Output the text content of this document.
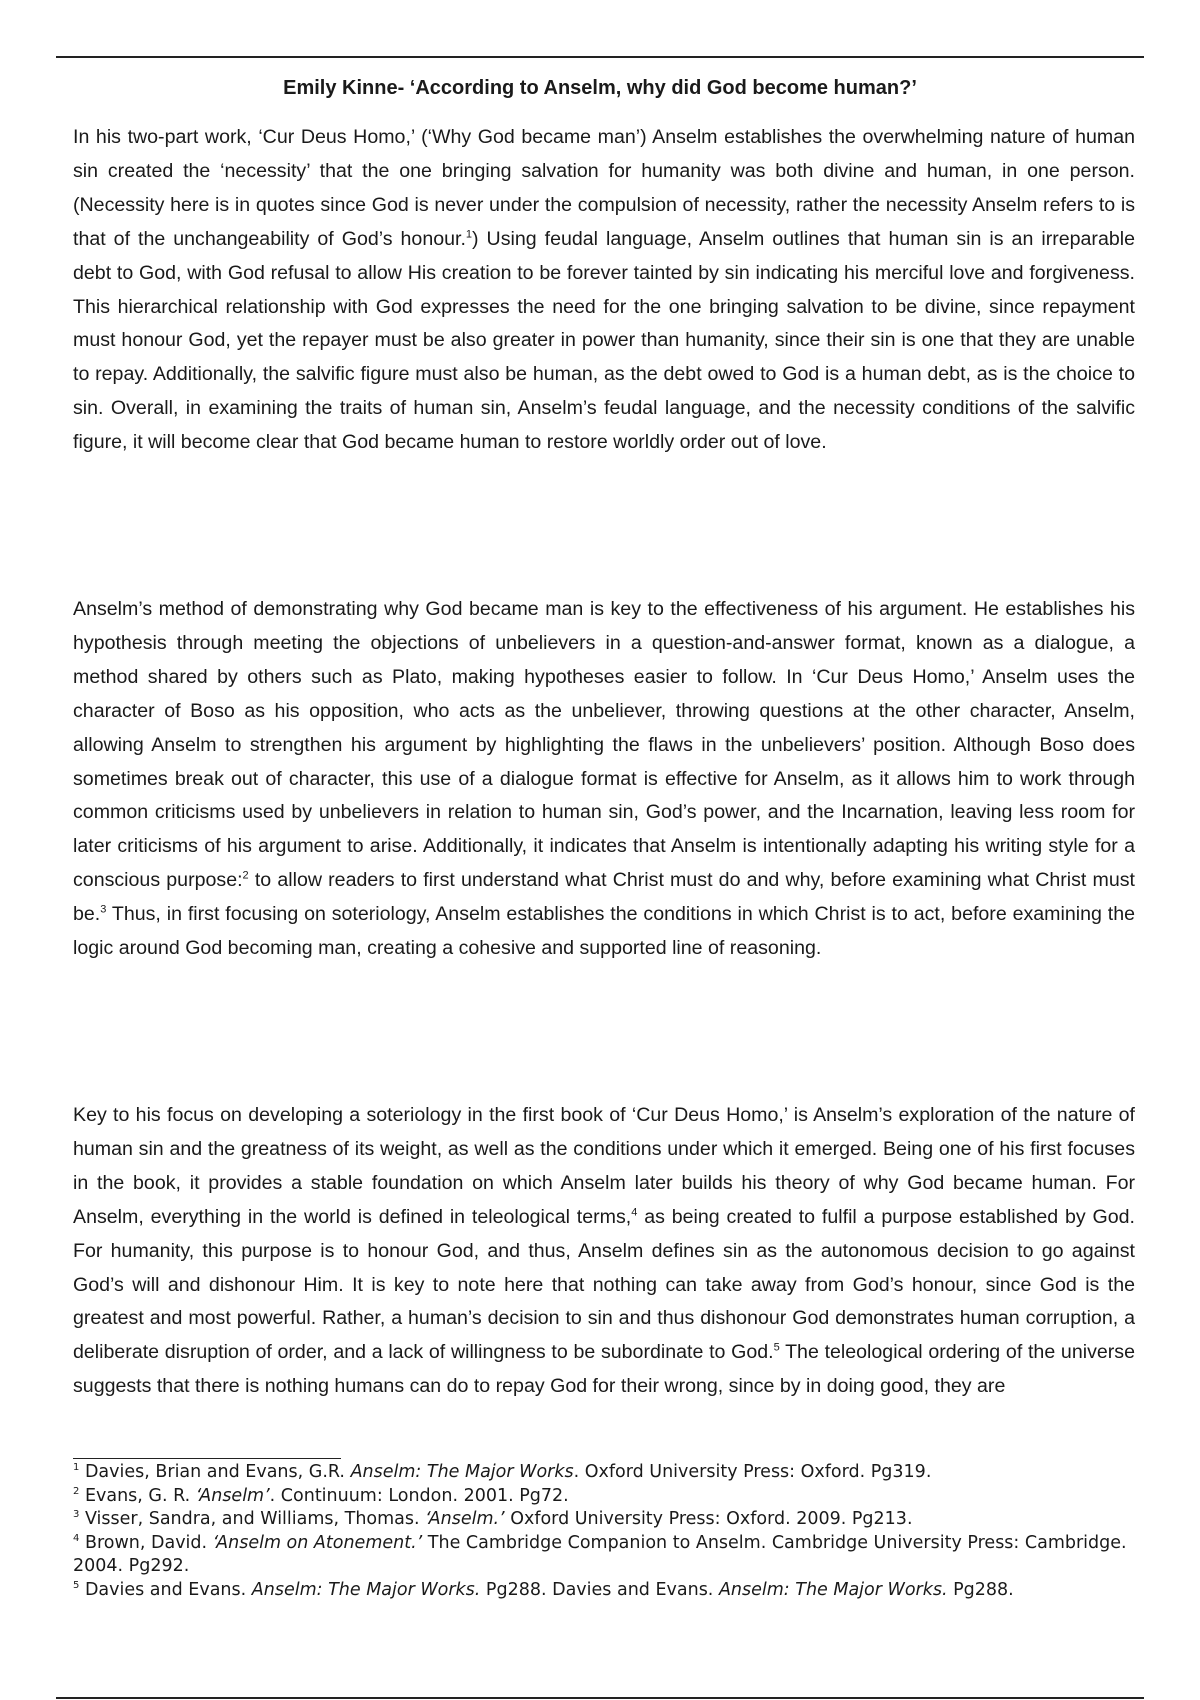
Emily Kinne- ‘According to Anselm, why did God become human?’

In his two-part work, ‘Cur Deus Homo,’ (‘Why God became man’) Anselm establishes the overwhelming nature of human sin created the ‘necessity’ that the one bringing salvation for humanity was both divine and human, in one person. (Necessity here is in quotes since God is never under the compulsion of necessity, rather the necessity Anselm refers to is that of the unchangeability of God’s honour.$^1$) Using feudal language, Anselm outlines that human sin is an irreparable debt to God, with God refusal to allow His creation to be forever tainted by sin indicating his merciful love and forgiveness. This hierarchical relationship with God expresses the need for the one bringing salvation to be divine, since repayment must honour God, yet the repayer must be also greater in power than humanity, since their sin is one that they are unable to repay. Additionally, the salvific figure must also be human, as the debt owed to God is a human debt, as is the choice to sin. Overall, in examining the traits of human sin, Anselm’s feudal language, and the necessity conditions of the salvific figure, it will become clear that God became human to restore worldly order out of love.

Anselm’s method of demonstrating why God became man is key to the effectiveness of his argument. He establishes his hypothesis through meeting the objections of unbelievers in a question-and-answer format, known as a dialogue, a method shared by others such as Plato, making hypotheses easier to follow. In ‘Cur Deus Homo,’ Anselm uses the character of Boso as his opposition, who acts as the unbeliever, throwing questions at the other character, Anselm, allowing Anselm to strengthen his argument by highlighting the flaws in the unbelievers’ position. Although Boso does sometimes break out of character, this use of a dialogue format is effective for Anselm, as it allows him to work through common criticisms used by unbelievers in relation to human sin, God’s power, and the Incarnation, leaving less room for later criticisms of his argument to arise. Additionally, it indicates that Anselm is intentionally adapting his writing style for a conscious purpose:$^2$ to allow readers to first understand what Christ must do and why, before examining what Christ must be.$^3$ Thus, in first focusing on soteriology, Anselm establishes the conditions in which Christ is to act, before examining the logic around God becoming man, creating a cohesive and supported line of reasoning.

Key to his focus on developing a soteriology in the first book of ‘Cur Deus Homo,’ is Anselm’s exploration of the nature of human sin and the greatness of its weight, as well as the conditions under which it emerged. Being one of his first focuses in the book, it provides a stable foundation on which Anselm later builds his theory of why God became human. For Anselm, everything in the world is defined in teleological terms,$^4$ as being created to fulfil a purpose established by God. For humanity, this purpose is to honour God, and thus, Anselm defines sin as the autonomous decision to go against God’s will and dishonour Him. It is key to note here that nothing can take away from God’s honour, since God is the greatest and most powerful. Rather, a human’s decision to sin and thus dishonour God demonstrates human corruption, a deliberate disruption of order, and a lack of willingness to be subordinate to God.$^5$ The teleological ordering of the universe suggests that there is nothing humans can do to repay God for their wrong, since by in doing good, they are

$^1$ Davies, Brian and Evans, G.R. Anselm: The Major Works. Oxford University Press: Oxford. Pg319.

$^2$ Evans, G. R. ‘Anselm’. Continuum: London. 2001. Pg72.

$^3$ Visser, Sandra, and Williams, Thomas. ‘Anselm.’ Oxford University Press: Oxford. 2009. Pg213.

$^4$ Brown, David. ‘Anselm on Atonement.’ The Cambridge Companion to Anselm. Cambridge University Press: Cambridge. 2004. Pg292.

$^5$ Davies and Evans. Anselm: The Major Works. Pg288. Davies and Evans. Anselm: The Major Works. Pg288.
